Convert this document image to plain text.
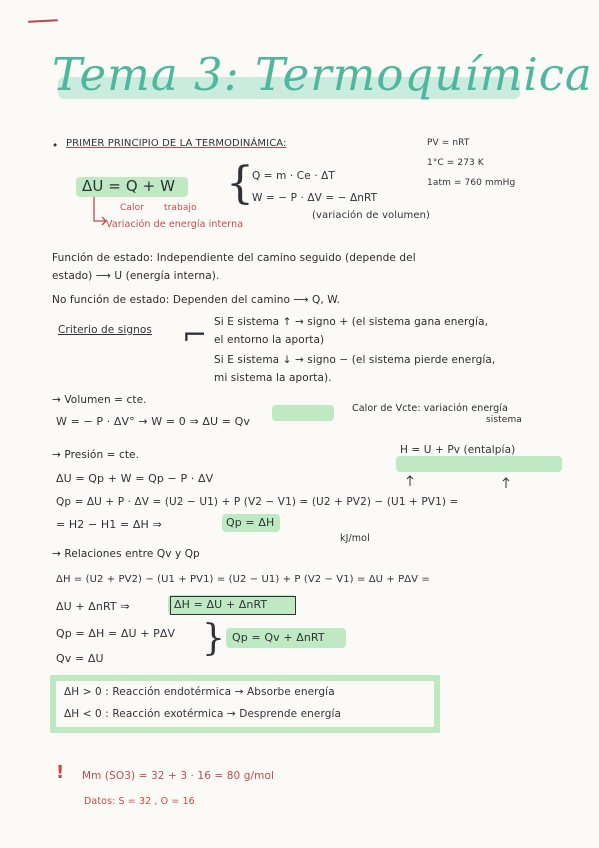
Tema 3: Termoquímica
• PRIMER PRINCIPIO DE LA TERMODINÁMICA:	PV = nRT
1°C = 273 K
1atm = 760 mmHg
ΔU = Q + W {
Q = m · Ce · ΔT
W = − P · ΔV = − ΔnRT
Calor trabajo
Variación de energía interna
(variación de volumen)
Función de estado: Independiente del camino seguido (depende del
estado) ⟶ U (energía interna).
No función de estado: Dependen del camino ⟶ Q, W.
Criterio de signos ⌐ Si E sistema ↑ → signo + (el sistema gana energía,
el entorno la aporta)
Si E sistema ↓ → signo − (el sistema pierde energía,
mi sistema la aporta).
→ Volumen = cte.
W = − P · ΔV° → W = 0 ⇒ ΔU = Qv
Calor de Vcte: variación energía
sistema
→ Presión = cte.	H = U + Pv (entalpía)
ΔU = Qp + W = Qp − P · ΔV
Qp = ΔU + P · ΔV = (U2 − U1) + P (V2 − V1) = (U2 + PV2) − (U1 + PV1) =
= H2 − H1 = ΔH ⇒	Qp = ΔH
kJ/mol
→ Relaciones entre Qv y Qp
ΔH = (U2 + PV2) − (U1 + PV1) = (U2 − U1) + P (V2 − V1) = ΔU + PΔV =
ΔU + ΔnRT ⇒	ΔH = ΔU + ΔnRT
Qp = ΔH = ΔU + PΔV
Qv = ΔU	} Qp = Qv + ΔnRT
ΔH > 0 : Reacción endotérmica → Absorbe energía
ΔH < 0 : Reacción exotérmica → Desprende energía
! Mm (SO3) = 32 + 3 · 16 = 80 g/mol
Datos: S = 32 , O = 16
